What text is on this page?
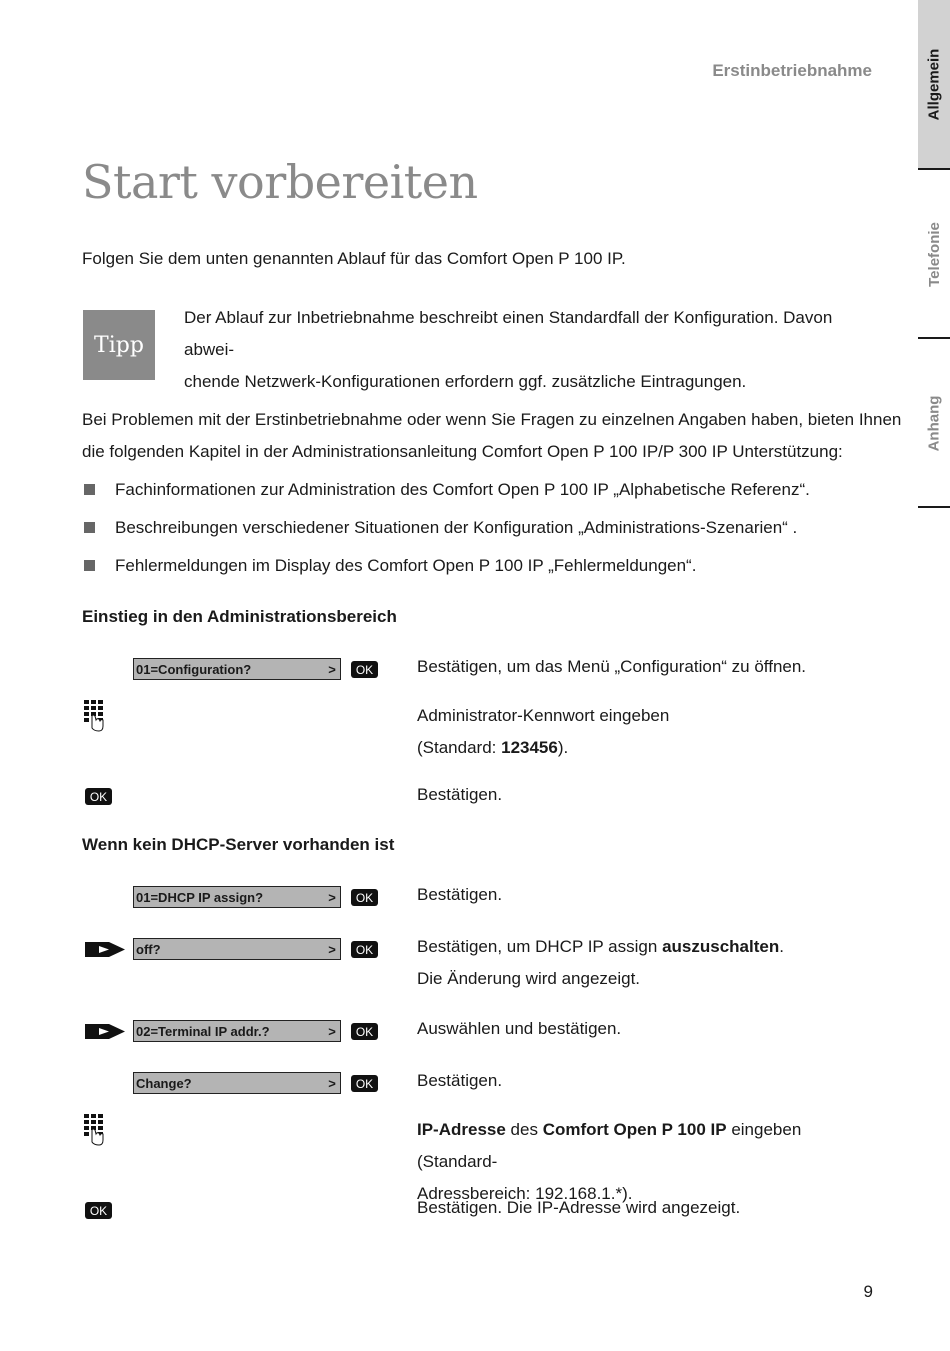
Erstinbetriebnahme	Allgemein
Telefonie
Anhang
Start vorbereiten
Folgen Sie dem unten genannten Ablauf für das Comfort Open P 100 IP.
Tipp
Der Ablauf zur Inbetriebnahme beschreibt einen Standardfall der Konfiguration. Davon abwei-
chende Netzwerk-Konfigurationen erfordern ggf. zusätzliche Eintragungen.
Bei Problemen mit der Erstinbetriebnahme oder wenn Sie Fragen zu einzelnen Angaben haben, bieten Ihnen
die folgenden Kapitel in der Administrationsanleitung Comfort Open P 100 IP/P 300 IP Unterstützung:
Fachinformationen zur Administration des Comfort Open P 100 IP „Alphabetische Referenz“.
Beschreibungen verschiedener Situationen der Konfiguration „Administrations-Szenarien“ .
Fehlermeldungen im Display des Comfort Open P 100 IP „Fehlermeldungen“.
Einstieg in den Administrationsbereich
01=Configuration?	>	OK	Bestätigen, um das Menü „Configuration“ zu öffnen.
Administrator-Kennwort eingeben
(Standard: 123456).
OK	Bestätigen.
Wenn kein DHCP-Server vorhanden ist
01=DHCP IP assign?	>	OK	Bestätigen.
off?	>	OK	Bestätigen, um DHCP IP assign auszuschalten.
Die Änderung wird angezeigt.
02=Terminal IP addr.?	>	OK	Auswählen und bestätigen.
Change?	>	OK	Bestätigen.
IP-Adresse des Comfort Open P 100 IP eingeben (Standard-
Adressbereich: 192.168.1.*).
OK	Bestätigen. Die IP-Adresse wird angezeigt.
9
